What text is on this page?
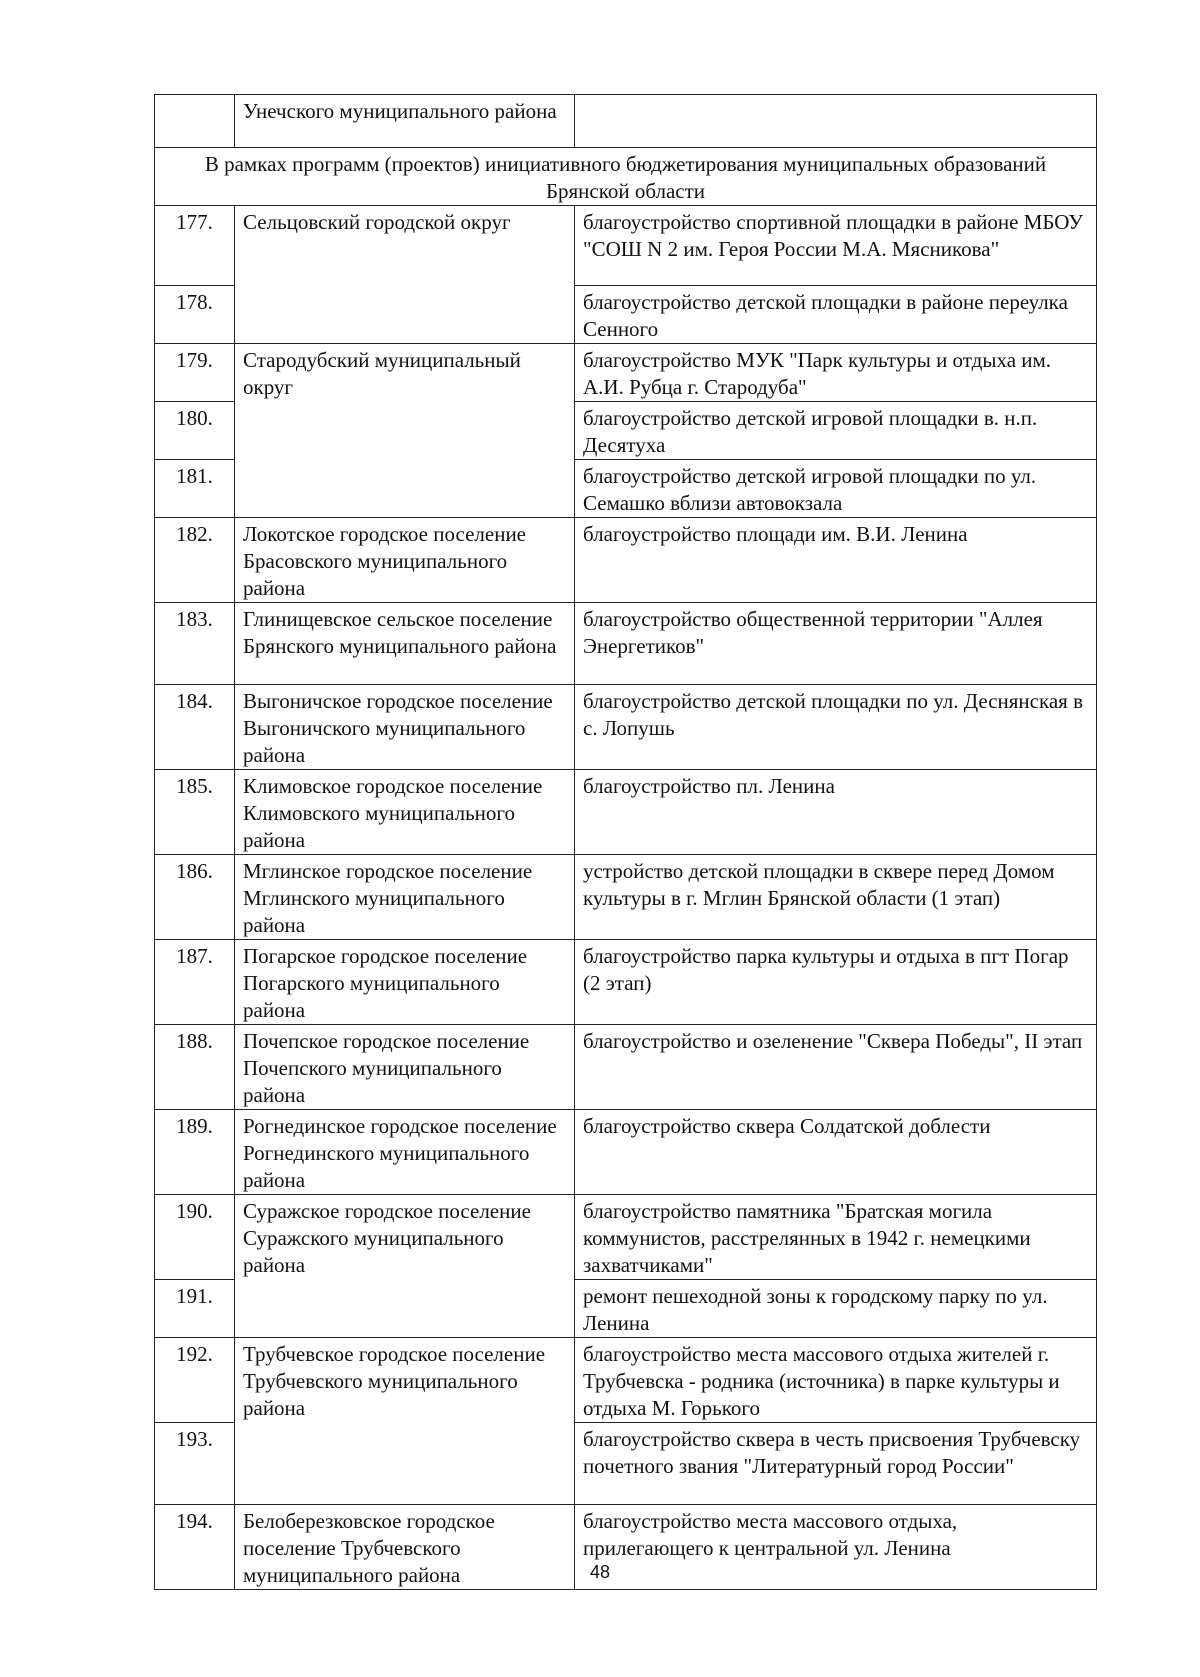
	Унечского муниципального района	
В рамках программ (проектов) инициативного бюджетирования муниципальных образований Брянской области		
177.	Сельцовский городской округ	благоустройство спортивной площадки в районе МБОУ "СОШ N 2 им. Героя России М.А. Мясникова"
178.		благоустройство детской площадки в районе переулка Сенного
179.	Стародубский муниципальный округ	благоустройство МУК "Парк культуры и отдыха им. А.И. Рубца г. Стародуба"
180.		благоустройство детской игровой площадки в. н.п. Десятуха
181.		благоустройство детской игровой площадки по ул. Семашко вблизи автовокзала
182.	Локотское городское поселение Брасовского муниципального района	благоустройство площади им. В.И. Ленина
183.	Глинищевское сельское поселение Брянского муниципального района	благоустройство общественной территории "Аллея Энергетиков"
184.	Выгоничское городское поселение Выгоничского муниципального района	благоустройство детской площадки по ул. Деснянская в с. Лопушь
185.	Климовское городское поселение Климовского муниципального района	благоустройство пл. Ленина
186.	Мглинское городское поселение Мглинского муниципального района	устройство детской площадки в сквере перед Домом культуры в г. Мглин Брянской области (1 этап)
187.	Погарское городское поселение Погарского муниципального района	благоустройство парка культуры и отдыха в пгт Погар (2 этап)
188.	Почепское городское поселение Почепского муниципального района	благоустройство и озеленение "Сквера Победы", II этап
189.	Рогнединское городское поселение Рогнединского муниципального района	благоустройство сквера Солдатской доблести
190.	Суражское городское поселение Суражского муниципального района	благоустройство памятника "Братская могила коммунистов, расстрелянных в 1942 г. немецкими захватчиками"
191.		ремонт пешеходной зоны к городскому парку по ул. Ленина
192.	Трубчевское городское поселение Трубчевского муниципального района	благоустройство места массового отдыха жителей г. Трубчевска - родника (источника) в парке культуры и отдыха М. Горького
193.		благоустройство сквера в честь присвоения Трубчевску почетного звания "Литературный город России"
194.	Белоберезковское городское поселение Трубчевского муниципального района	благоустройство места массового отдыха, прилегающего к центральной ул. Ленина
48
